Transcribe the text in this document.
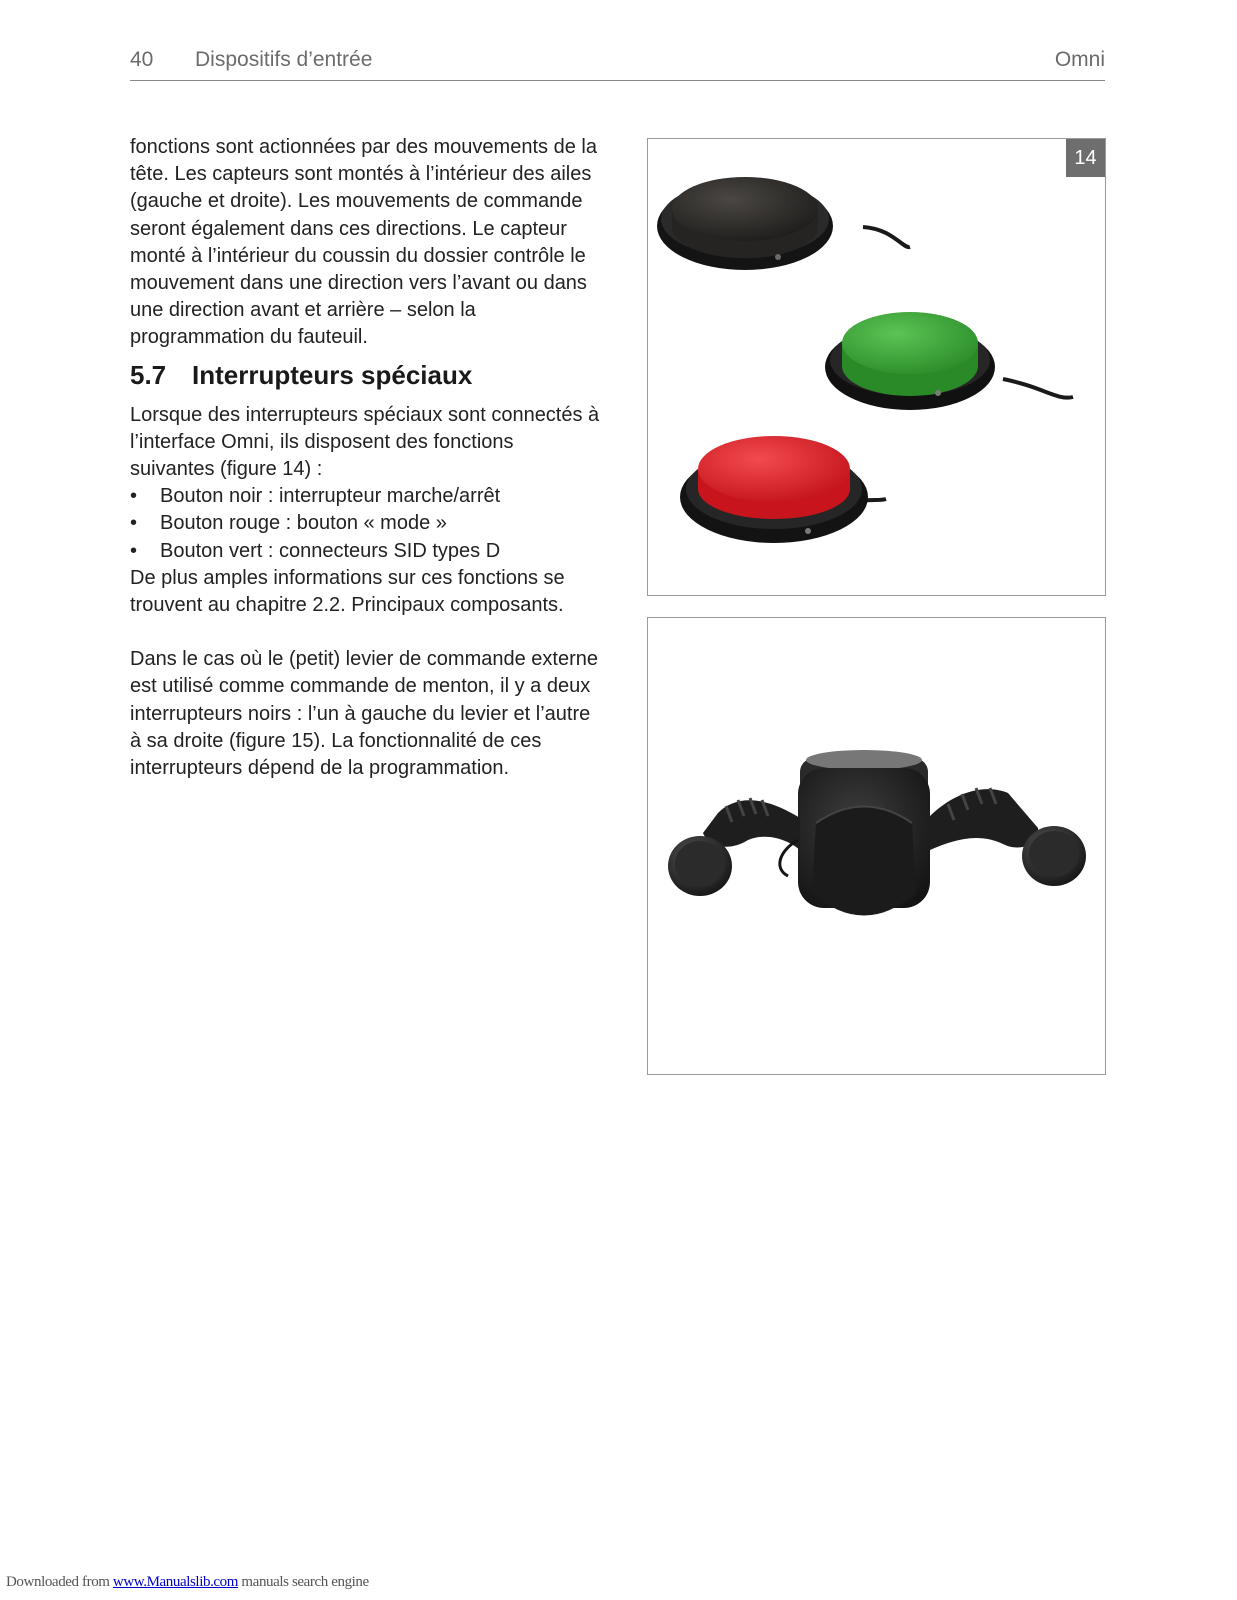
40 Dispositifs d’entrée	Omni

fonctions sont actionnées par des mouvements de la tête. Les capteurs sont montés à l’intérieur des ailes (gauche et droite). Les mouvements de commande seront également dans ces directions. Le capteur monté à l’intérieur du coussin du dossier contrôle le mouvement dans une direction vers l’avant ou dans une direction avant et arrière – selon la programmation du fauteuil.

5.7 Interrupteurs spéciaux

Lorsque des interrupteurs spéciaux sont connectés à l’interface Omni, ils disposent des fonctions suivantes (figure 14) :

• Bouton noir : interrupteur marche/arrêt
• Bouton rouge : bouton « mode »
• Bouton vert : connecteurs SID types D

De plus amples informations sur ces fonctions se trouvent au chapitre 2.2. Principaux composants.

Dans le cas où le (petit) levier de commande externe est utilisé comme commande de menton, il y a deux interrupteurs noirs : l’un à gauche du levier et l’autre à sa droite (figure 15). La fonctionnalité de ces interrupteurs dépend de la programmation.

14
Downloaded from www.Manualslib.com manuals search engine
